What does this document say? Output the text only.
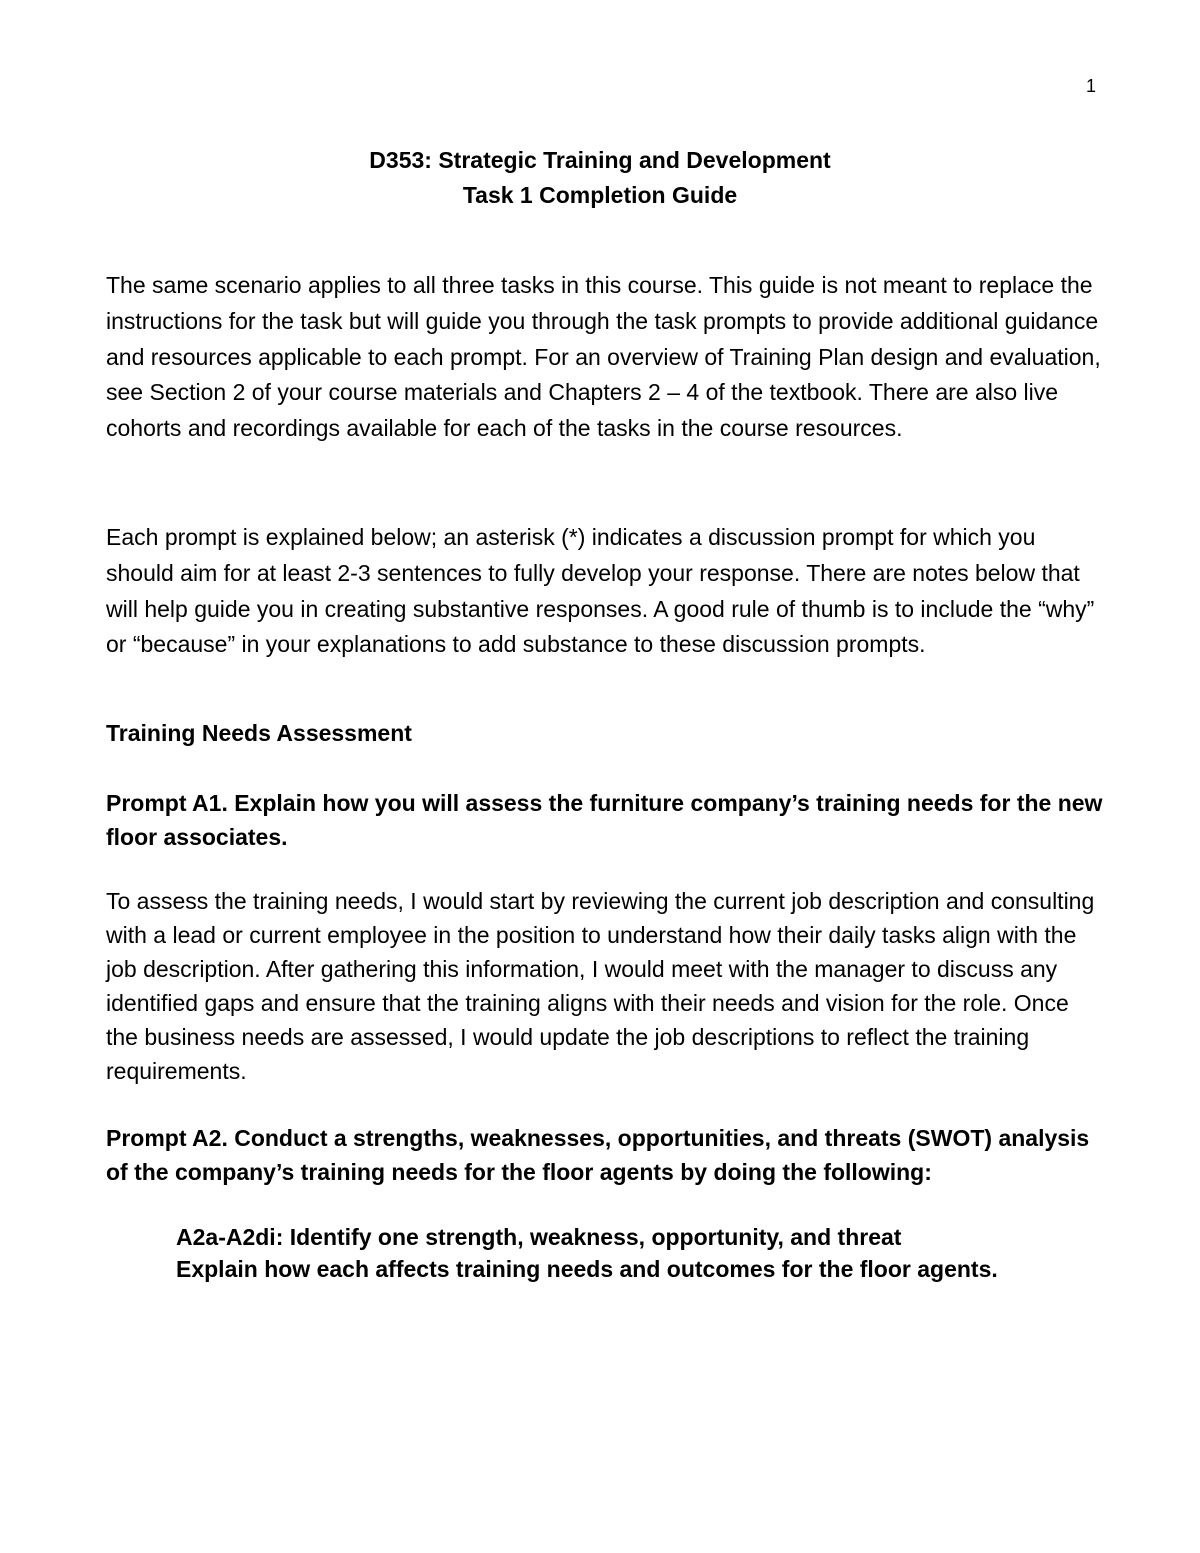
1
D353: Strategic Training and Development
Task 1 Completion Guide

The same scenario applies to all three tasks in this course. This guide is not meant to replace the instructions for the task but will guide you through the task prompts to provide additional guidance and resources applicable to each prompt. For an overview of Training Plan design and evaluation, see Section 2 of your course materials and Chapters 2 – 4 of the textbook. There are also live cohorts and recordings available for each of the tasks in the course resources.

Each prompt is explained below; an asterisk (*) indicates a discussion prompt for which you should aim for at least 2-3 sentences to fully develop your response. There are notes below that will help guide you in creating substantive responses. A good rule of thumb is to include the “why” or “because” in your explanations to add substance to these discussion prompts.

Training Needs Assessment
Prompt A1. Explain how you will assess the furniture company’s training needs for the new floor associates.

To assess the training needs, I would start by reviewing the current job description and consulting with a lead or current employee in the position to understand how their daily tasks align with the job description. After gathering this information, I would meet with the manager to discuss any identified gaps and ensure that the training aligns with their needs and vision for the role. Once the business needs are assessed, I would update the job descriptions to reflect the training requirements.

Prompt A2. Conduct a strengths, weaknesses, opportunities, and threats (SWOT) analysis of the company’s training needs for the floor agents by doing the following:
A2a-A2di: Identify one strength, weakness, opportunity, and threat
Explain how each affects training needs and outcomes for the floor agents.
